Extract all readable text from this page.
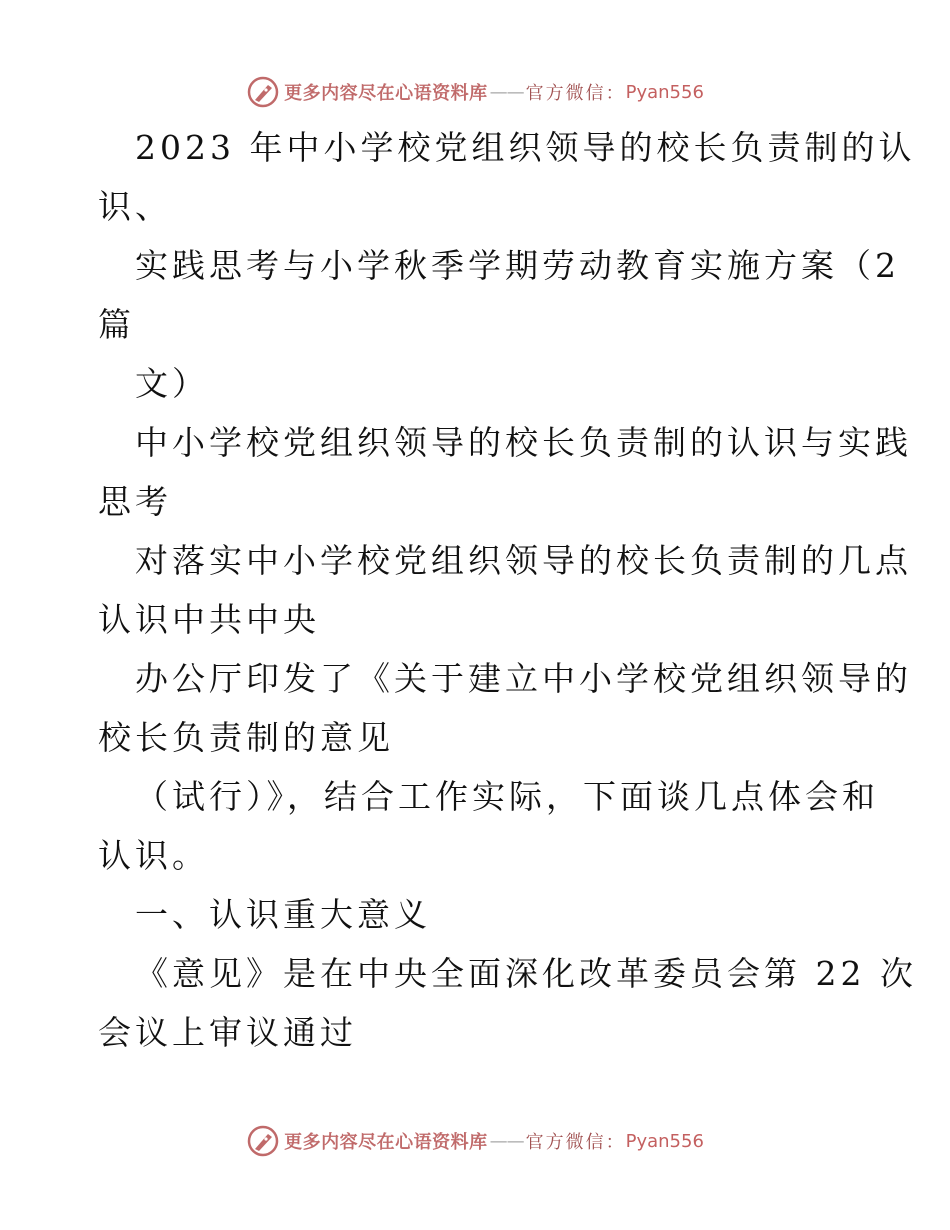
更多内容尽在心语资料库 —— 官方微信： Pyan556
2023 年中小学校党组织领导的校长负责制的认
识、
实践思考与小学秋季学期劳动教育实施方案（2
篇
文）
中小学校党组织领导的校长负责制的认识与实践
思考
对落实中小学校党组织领导的校长负责制的几点
认识中共中央
办公厅印发了《关于建立中小学校党组织领导的
校长负责制的意见
（试行）》，结合工作实际，下面谈几点体会和
认识。
一、认识重大意义
《意见》是在中央全面深化改革委员会第 22 次
会议上审议通过
更多内容尽在心语资料库 —— 官方微信： Pyan556
